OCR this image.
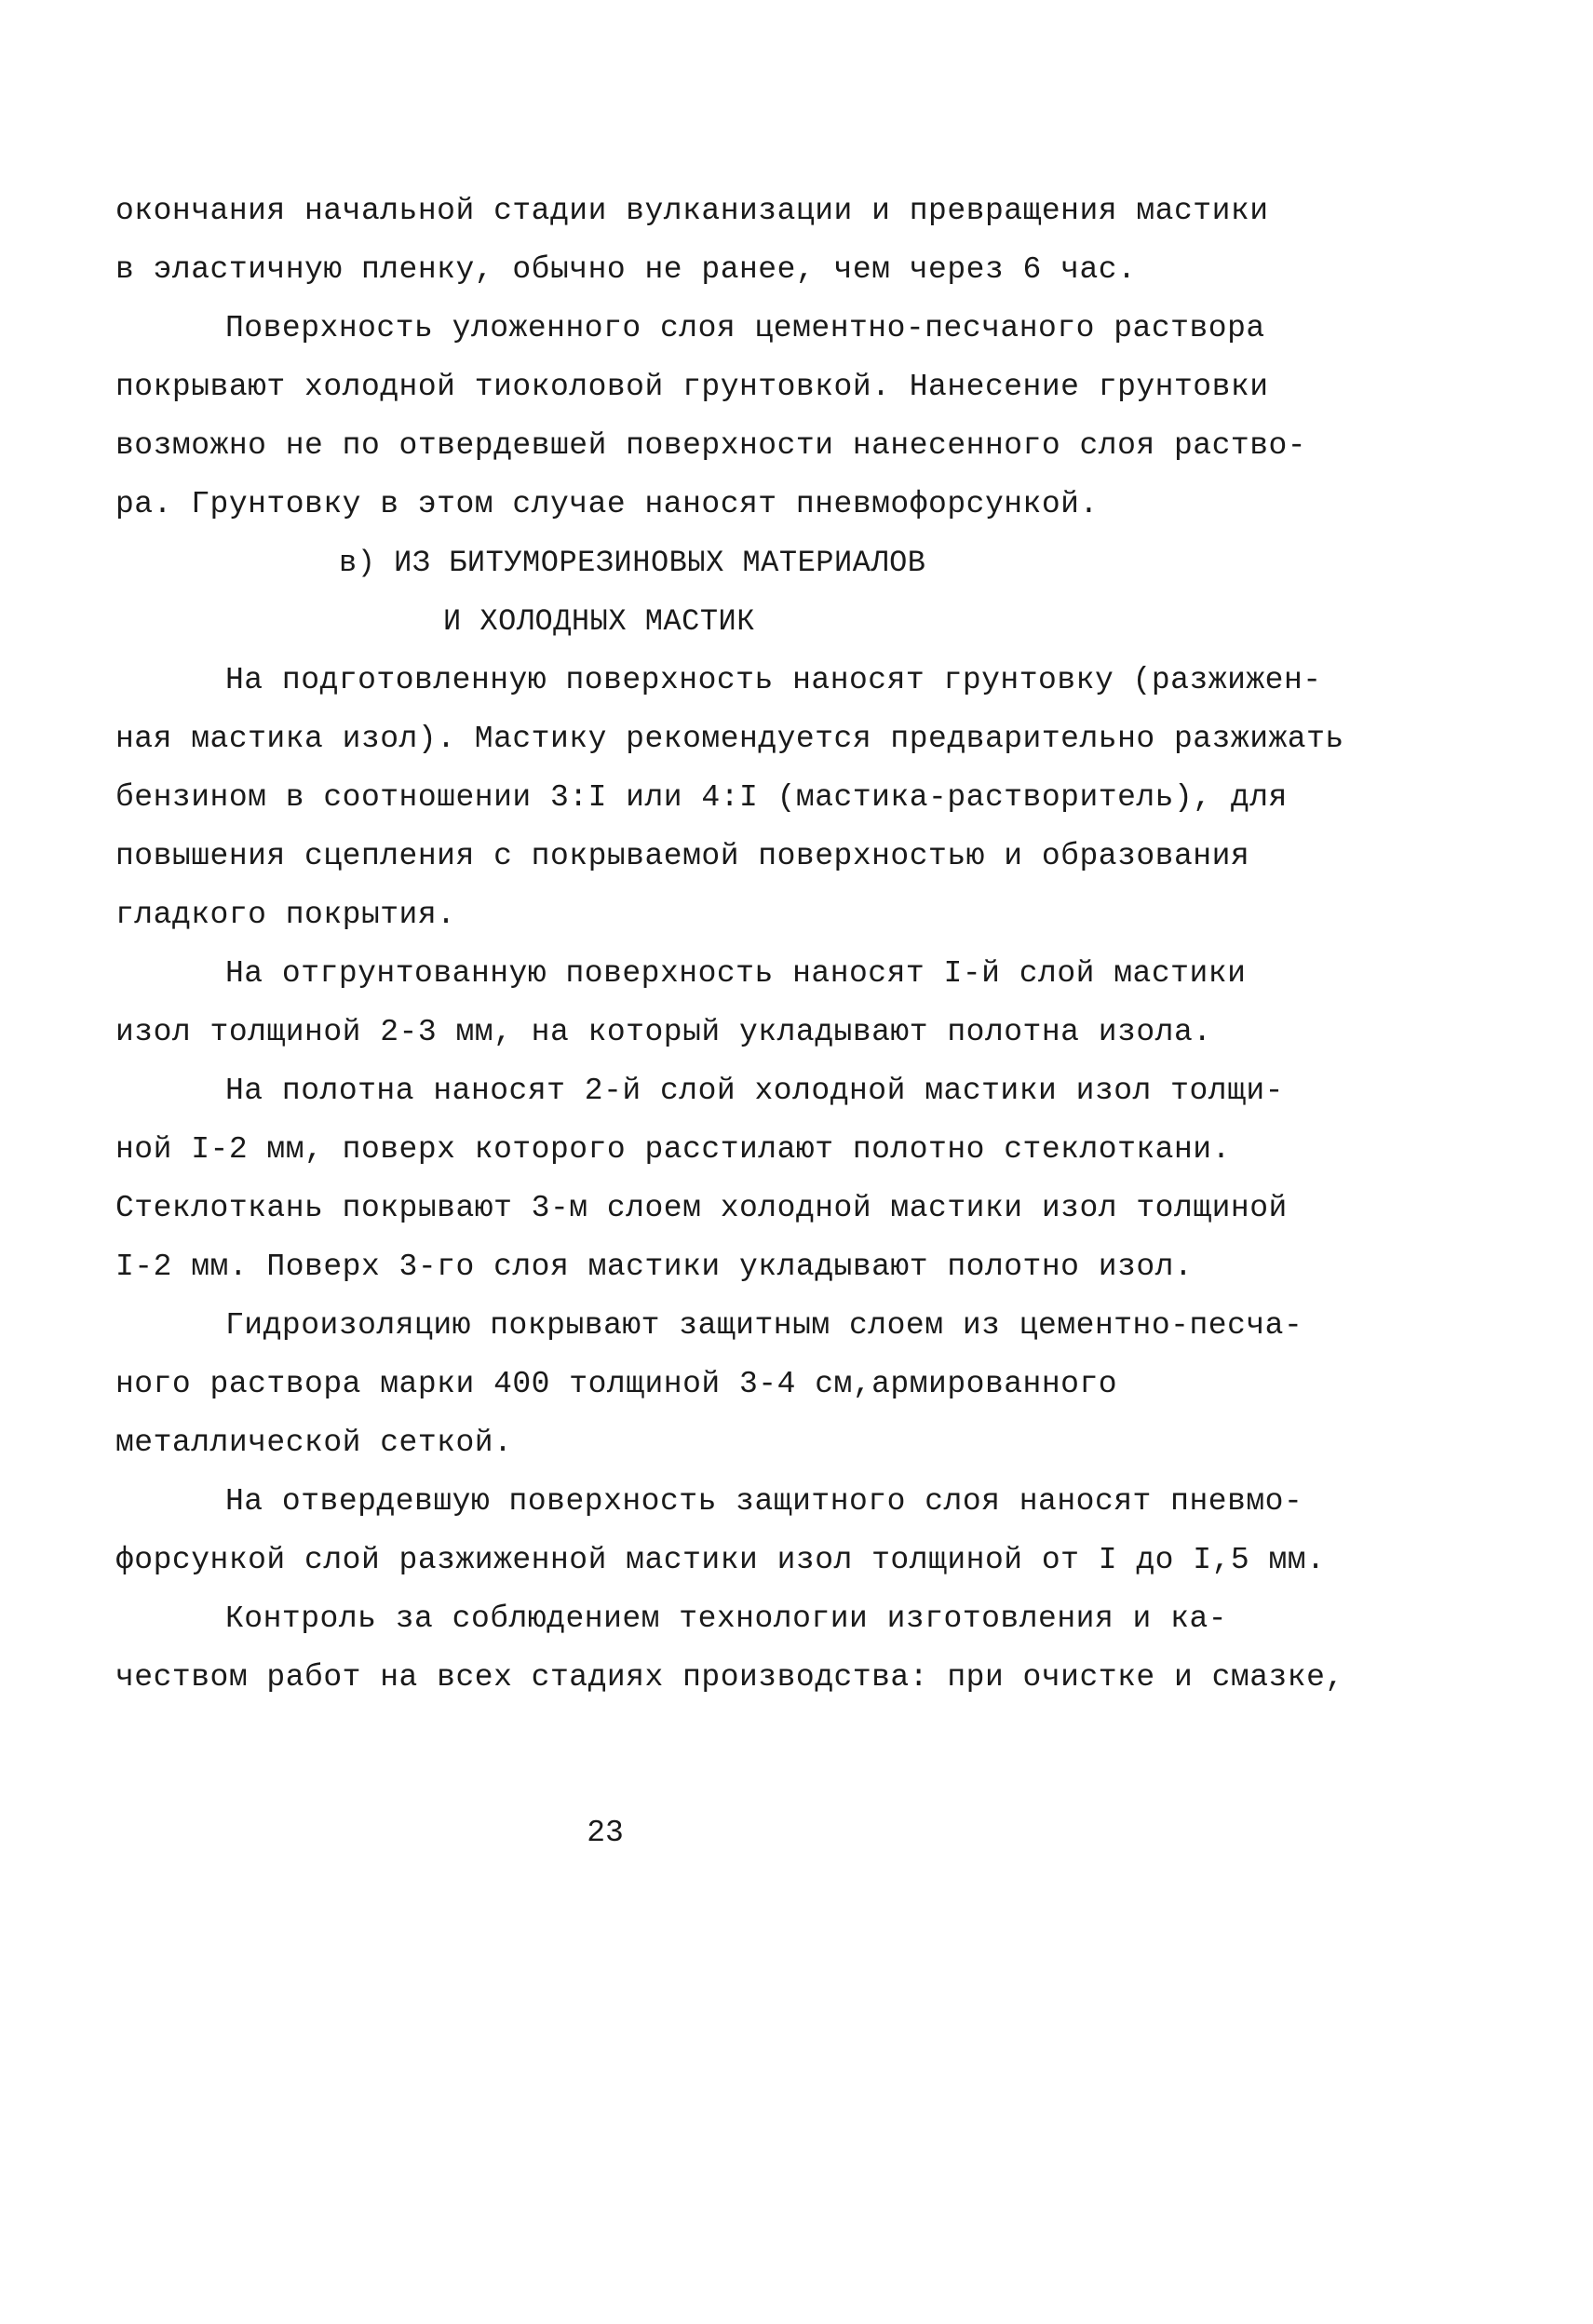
окончания начальной стадии вулканизации и превращения мастики
в эластичную пленку, обычно не ранее, чем через 6 час.
Поверхность уложенного слоя цементно-песчаного раствора
покрывают холодной тиоколовой грунтовкой. Нанесение грунтовки
возможно не по отвердевшей поверхности нанесенного слоя раство-
ра. Грунтовку в этом случае наносят пневмофорсункой.
в) ИЗ БИТУМОРЕЗИНОВЫХ МАТЕРИАЛОВ
И ХОЛОДНЫХ МАСТИК
На подготовленную поверхность наносят грунтовку (разжижен-
ная мастика изол). Мастику рекомендуется предварительно разжижать
бензином в соотношении 3:I или 4:I (мастика-растворитель), для
повышения сцепления с покрываемой поверхностью и образования
гладкого покрытия.
На отгрунтованную поверхность наносят I-й слой мастики
изол толщиной 2-3 мм, на который укладывают полотна изола.
На полотна наносят 2-й слой холодной мастики изол толщи-
ной I-2 мм, поверх которого расстилают полотно стеклоткани.
Стеклоткань покрывают 3-м слоем холодной мастики изол толщиной
I-2 мм. Поверх 3-го слоя мастики укладывают полотно изол.
Гидроизоляцию покрывают защитным слоем из цементно-песча-
ного раствора марки 400 толщиной 3-4 см,армированного
металлической сеткой.
На отвердевшую поверхность защитного слоя наносят пневмо-
форсункой слой разжиженной мастики изол толщиной от I до I,5 мм.
Контроль за соблюдением технологии изготовления и ка-
чеством работ на всех стадиях производства: при очистке и смазке,
23
